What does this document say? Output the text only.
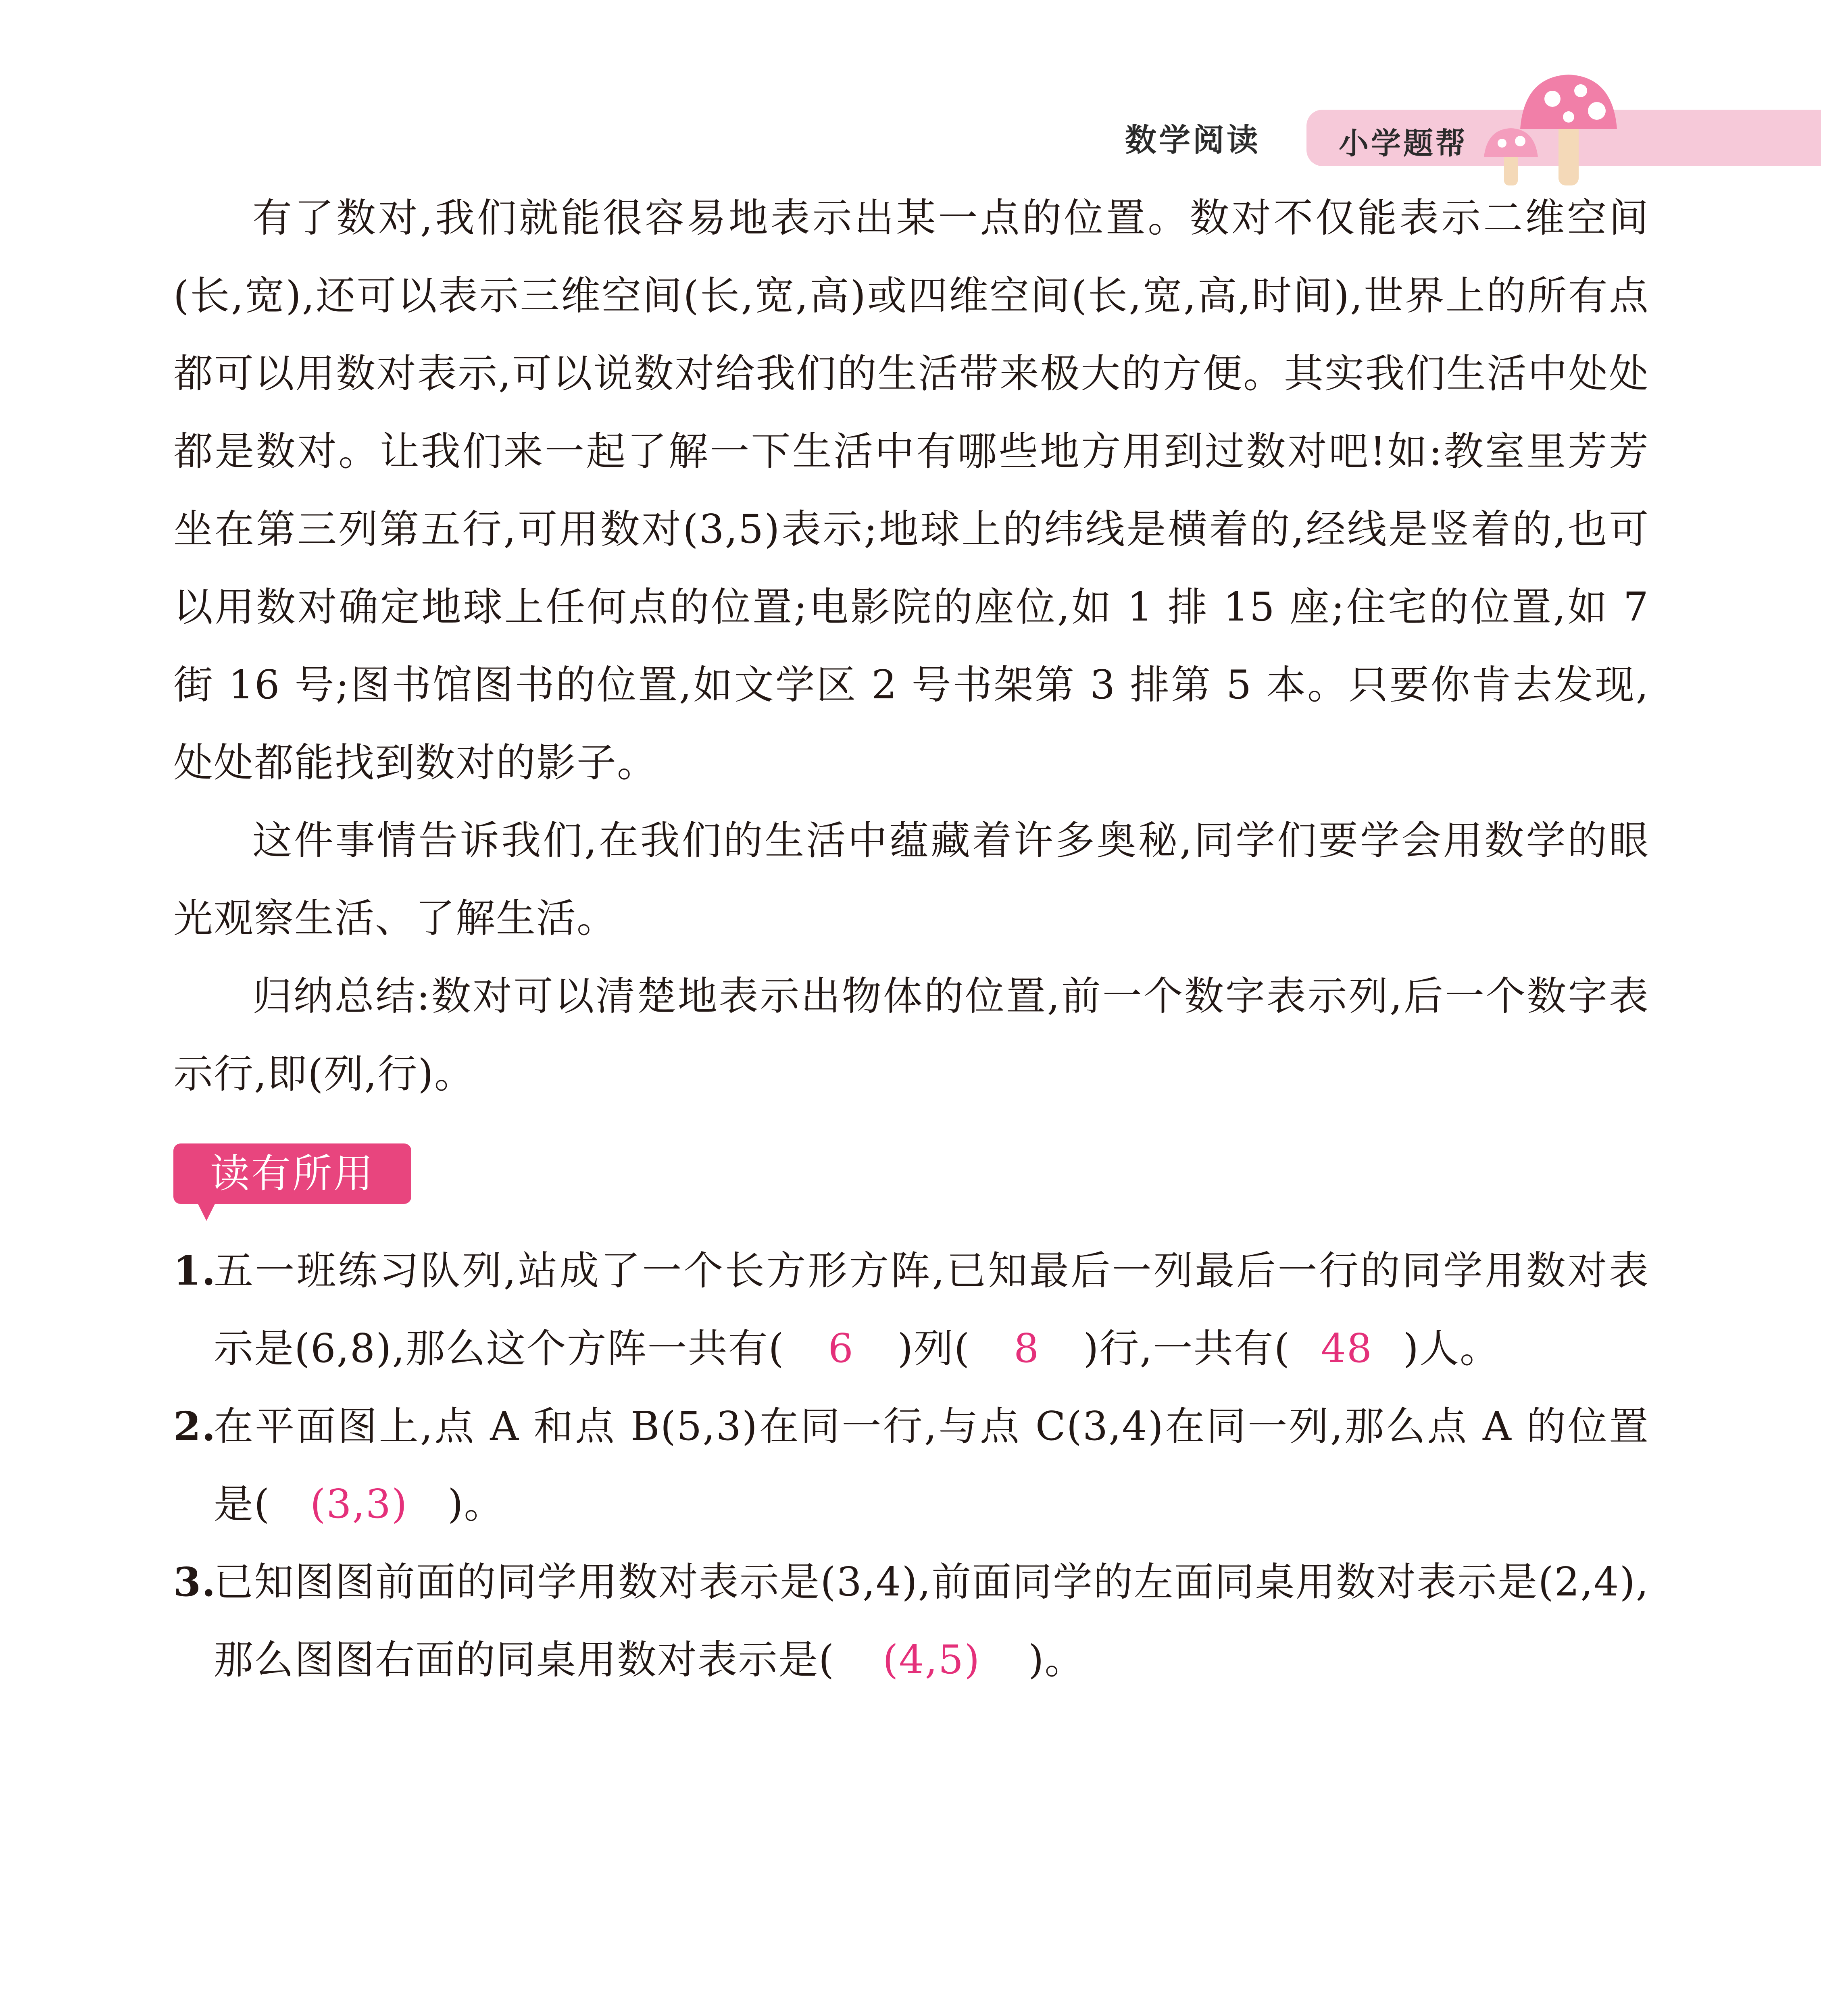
数学阅读	小学题帮

有了数对,我们就能很容易地表示出某一点的位置。数对不仅能表示二维空间(长,宽),还可以表示三维空间(长,宽,高)或四维空间(长,宽,高,时间),世界上的所有点都可以用数对表示,可以说数对给我们的生活带来极大的方便。其实我们生活中处处都是数对。让我们来一起了解一下生活中有哪些地方用到过数对吧!如:教室里芳芳坐在第三列第五行,可用数对(3,5)表示;地球上的纬线是横着的,经线是竖着的,也可以用数对确定地球上任何点的位置;电影院的座位,如 1 排 15 座;住宅的位置,如 7 街 16 号;图书馆图书的位置,如文学区 2 号书架第 3 排第 5 本。只要你肯去发现,处处都能找到数对的影子。

这件事情告诉我们,在我们的生活中蕴藏着许多奥秘,同学们要学会用数学的眼光观察生活、了解生活。

归纳总结:数对可以清楚地表示出物体的位置,前一个数字表示列,后一个数字表示行,即(列,行)。

读有所用
1.
五一班练习队列,站成了一个长方形方阵,已知最后一列最后一行的同学用数对表示是(6,8),那么这个方阵一共有( 6 )列( 8 )行,一共有( 48 )人。
2.
在平面图上,点 A 和点 B(5,3)在同一行,与点 C(3,4)在同一列,那么点 A 的位置是( (3,3) )。
3.
已知图图前面的同学用数对表示是(3,4),前面同学的左面同桌用数对表示是(2,4),那么图图右面的同桌用数对表示是( (4,5) )。
